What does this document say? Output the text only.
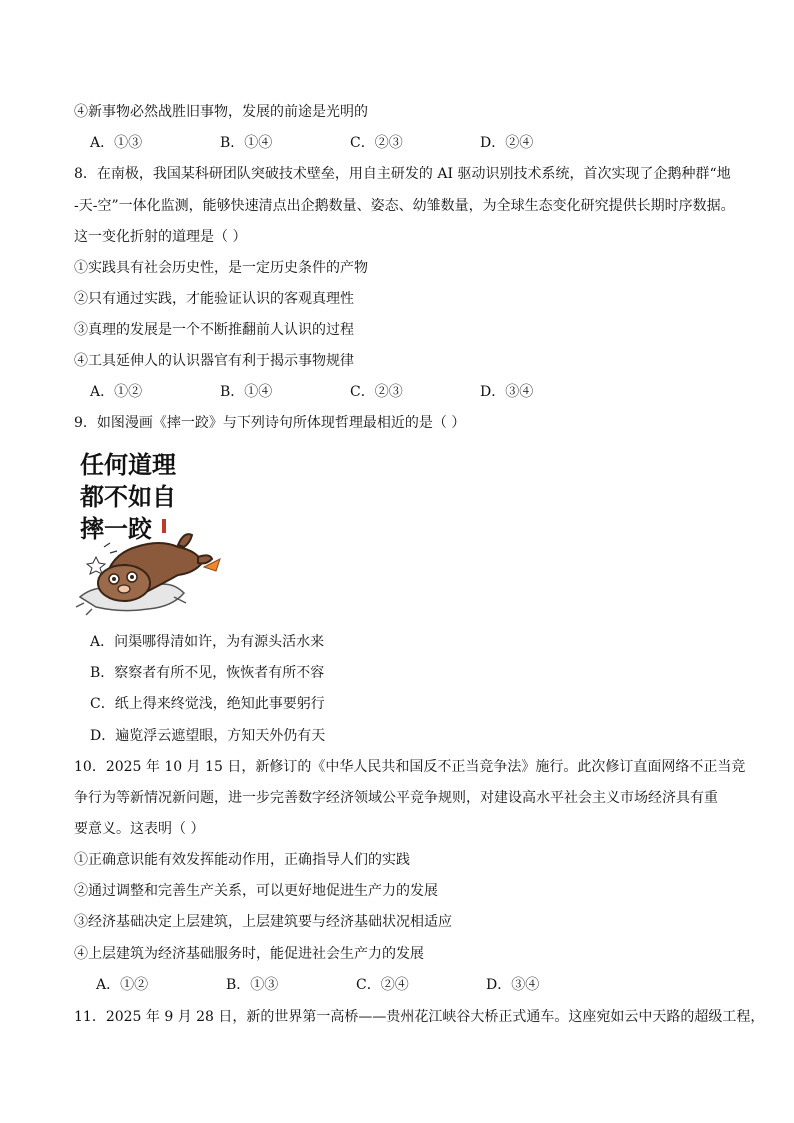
④新事物必然战胜旧事物，发展的前途是光明的
A．①③	B．①④	C．②③	D．②④
8．在南极，我国某科研团队突破技术壁垒，用自主研发的 AI 驱动识别技术系统，首次实现了企鹅种群“地
-天-空”一体化监测，能够快速清点出企鹅数量、姿态、幼雏数量，为全球生态变化研究提供长期时序数据。
这一变化折射的道理是（ ）
①实践具有社会历史性，是一定历史条件的产物
②只有通过实践，才能验证认识的客观真理性
③真理的发展是一个不断推翻前人认识的过程
④工具延伸人的认识器官有利于揭示事物规律
A．①②	B．①④	C．②③	D．③④
9．如图漫画《摔一跤》与下列诗句所体现哲理最相近的是（ ）
任何道理
都不如自
摔一跤
A．问渠哪得清如许，为有源头活水来
B．察察者有所不见，恢恢者有所不容
C．纸上得来终觉浅，绝知此事要躬行
D．遍览浮云遮望眼，方知天外仍有天
10．2025 年 10 月 15 日，新修订的《中华人民共和国反不正当竞争法》施行。此次修订直面网络不正当竞
争行为等新情况新问题，进一步完善数字经济领域公平竞争规则，对建设高水平社会主义市场经济具有重
要意义。这表明（ ）
①正确意识能有效发挥能动作用，正确指导人们的实践
②通过调整和完善生产关系，可以更好地促进生产力的发展
③经济基础决定上层建筑，上层建筑要与经济基础状况相适应
④上层建筑为经济基础服务时，能促进社会生产力的发展
A．①②	B．①③	C．②④	D．③④
11．2025 年 9 月 28 日，新的世界第一高桥——贵州花江峡谷大桥正式通车。这座宛如云中天路的超级工程，
